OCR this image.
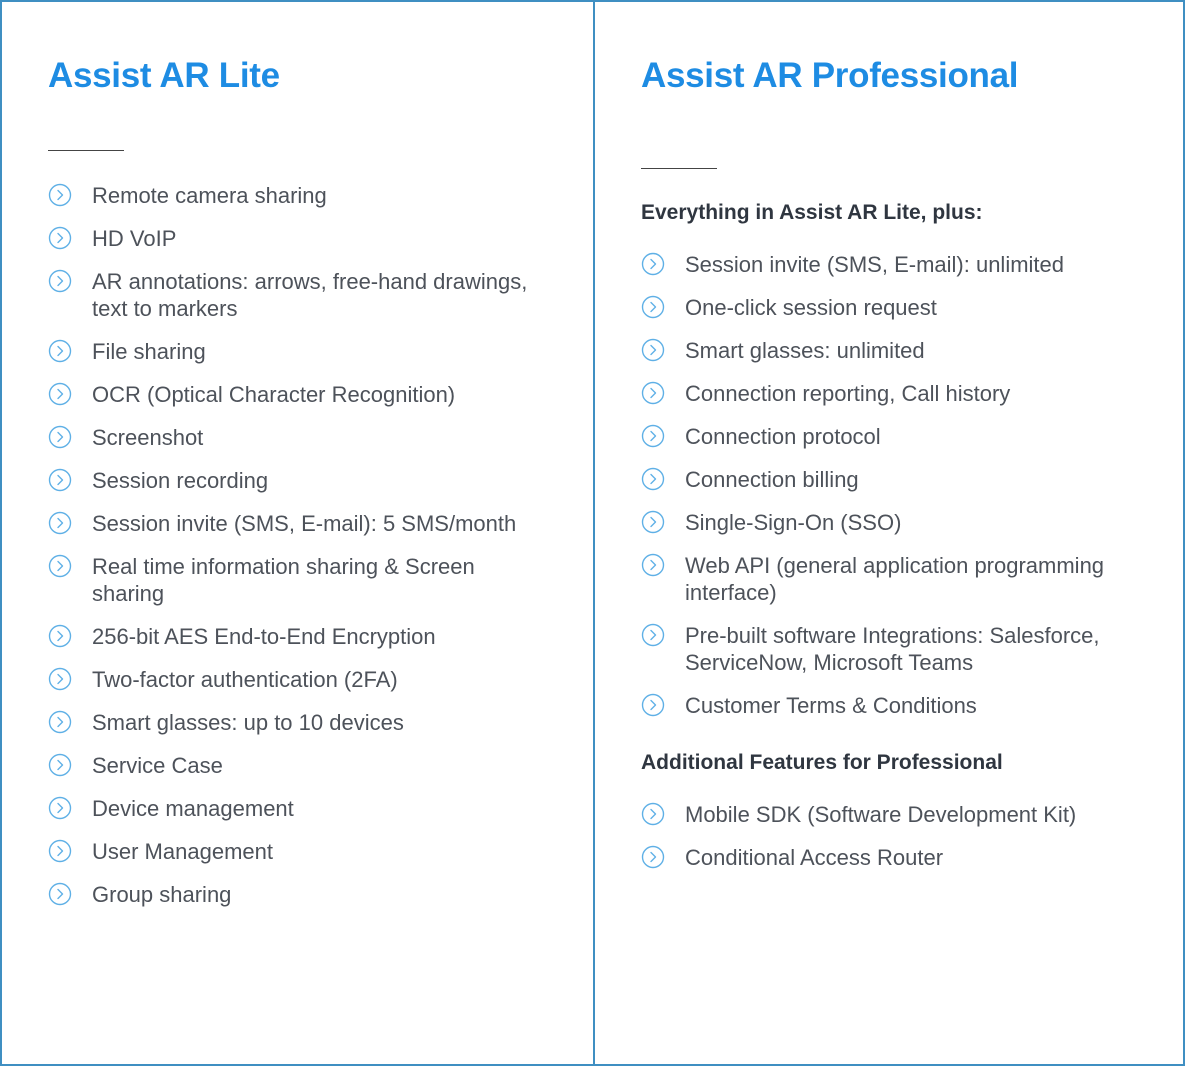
Assist AR Lite
Remote camera sharing
HD VoIP
AR annotations: arrows, free-hand drawings, text to markers
File sharing
OCR (Optical Character Recognition)
Screenshot
Session recording
Session invite (SMS, E-mail): 5 SMS/month
Real time information sharing & Screen sharing
256-bit AES End-to-End Encryption
Two-factor authentication (2FA)
Smart glasses: up to 10 devices
Service Case
Device management
User Management
Group sharing
Assist AR Professional
Everything in Assist AR Lite, plus:
Session invite (SMS, E-mail): unlimited
One-click session request
Smart glasses: unlimited
Connection reporting, Call history
Connection protocol
Connection billing
Single-Sign-On (SSO)
Web API (general application programming interface)
Pre-built software Integrations: Salesforce, ServiceNow, Microsoft Teams
Customer Terms & Conditions
Additional Features for Professional
Mobile SDK (Software Development Kit)
Conditional Access Router
